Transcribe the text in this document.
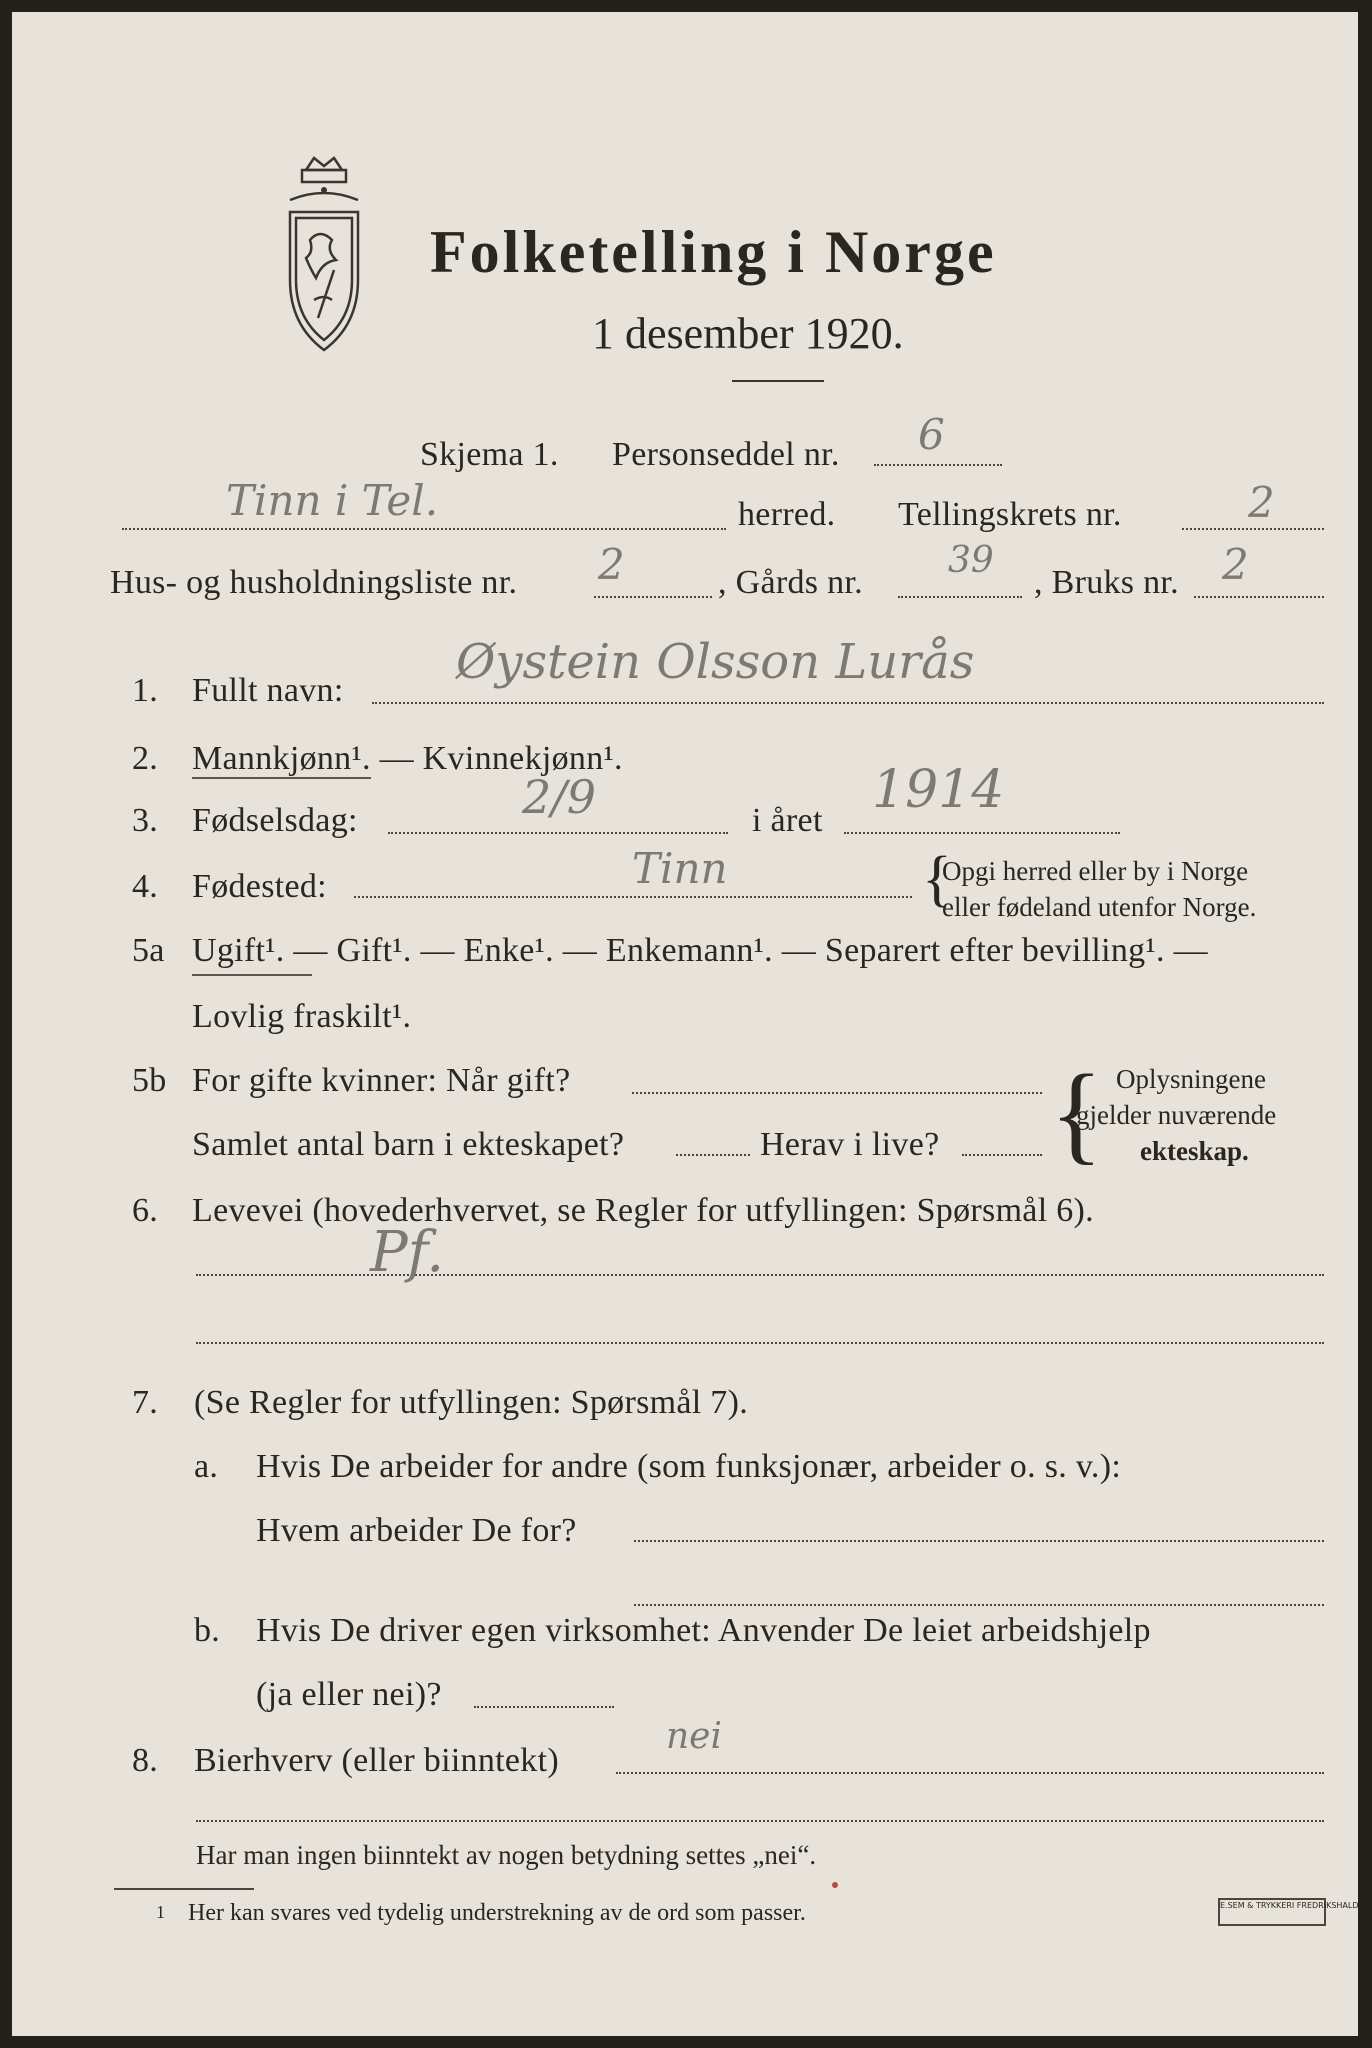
Folketelling i Norge
1 desember 1920.
Skjema 1. Personseddel nr. 6
Tinn i Tel.	herred. Tellingskrets nr.	2
Hus- og husholdningsliste nr. 2	, Gårds nr.
39
, Bruks nr. 2
1. Fullt navn:
Øystein Olsson Lurås
2. Mannkjønn¹. — Kvinnekjønn¹.
3. Fødselsdag:	2/9	i året
1914
4. Fødested:	Tinn	{
Opgi herred eller by i Norge
eller fødeland utenfor Norge.
5a Ugift¹. — Gift¹. — Enke¹. — Enkemann¹. — Separert efter bevilling¹. —
Lovlig fraskilt¹.
5b For gifte kvinner: Når gift?
Samlet antal barn i ekteskapet?	Herav i live? { Oplysningene
gjelder nuværende
ekteskap.
6. Levevei (hovederhvervet, se Regler for utfyllingen: Spørsmål 6).
Pf.
7. (Se Regler for utfyllingen: Spørsmål 7).
a. Hvis De arbeider for andre (som funksjonær, arbeider o. s. v.):
Hvem arbeider De for?
b. Hvis De driver egen virksomhet: Anvender De leiet arbeidshjelp
(ja eller nei)?
8. Bierhverv (eller biinntekt)
nei
Har man ingen biinntekt av nogen betydning settes „nei“.
1 Her kan svares ved tydelig understrekning av de ord som passer.	E.SEM & TRYKKERI FREDRIKSHALD
